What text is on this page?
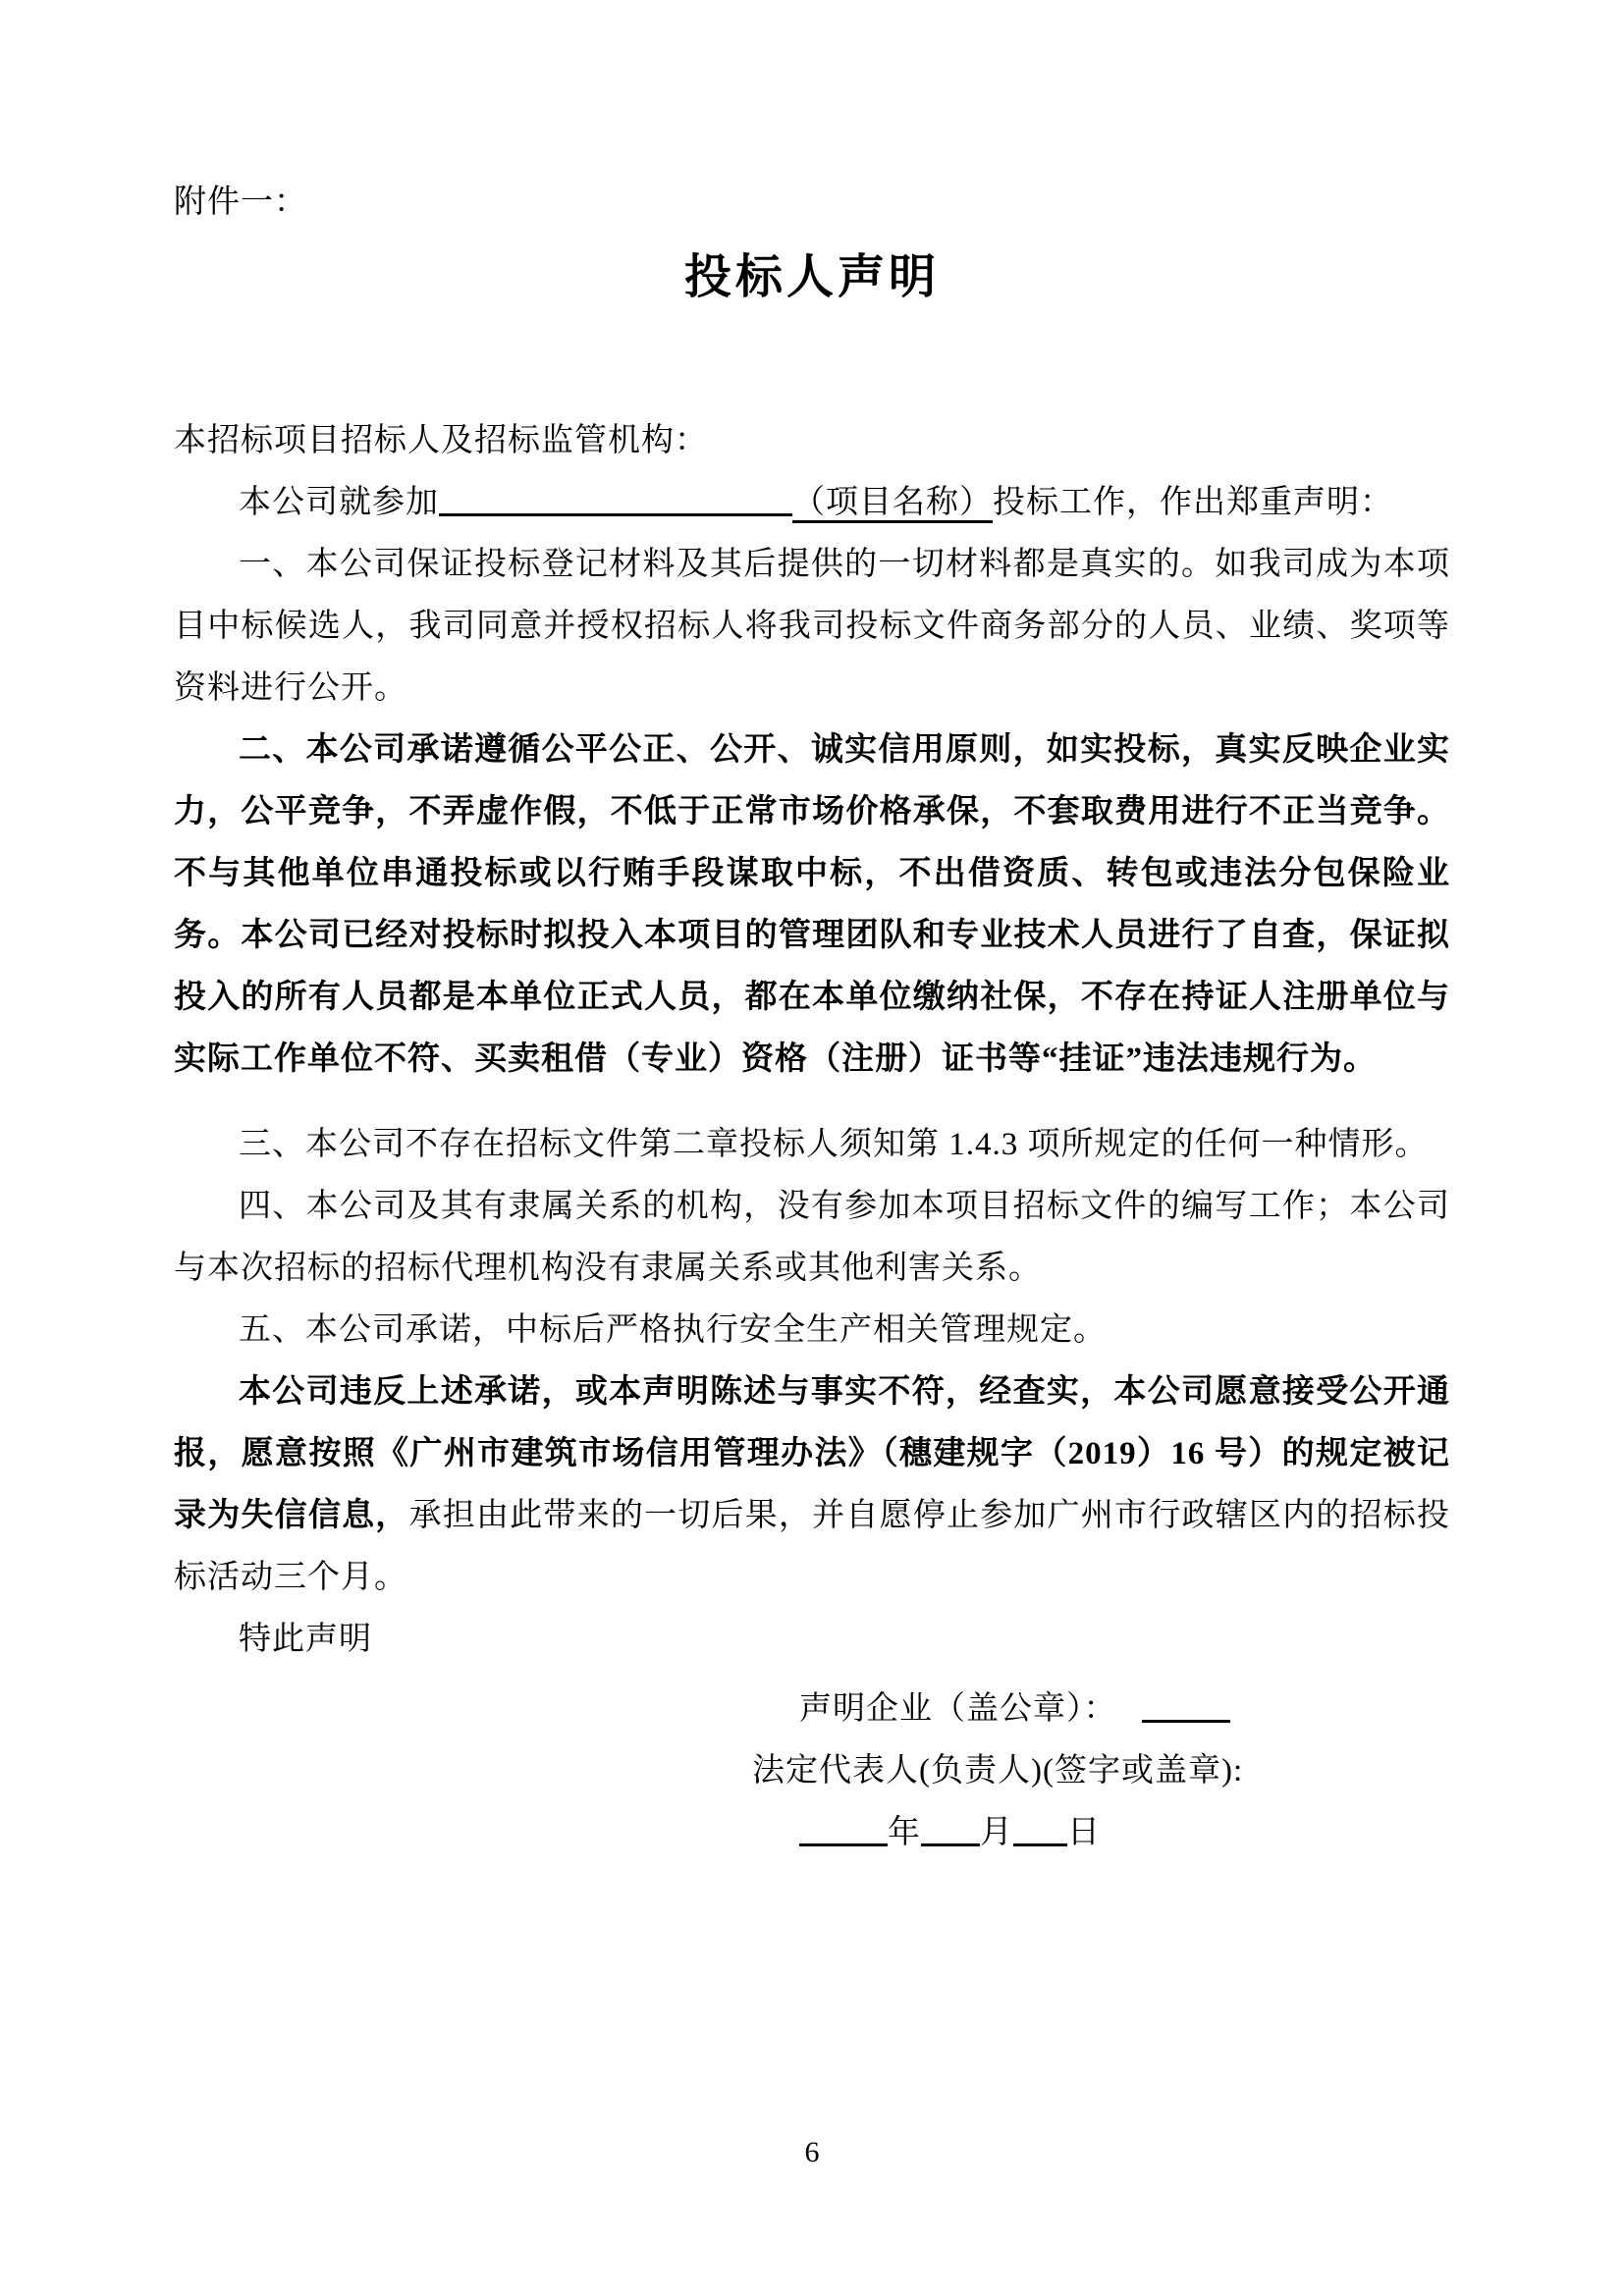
附件一：
投标人声明

本招标项目招标人及招标监管机构：

本公司就参加	（项目名称）投标工作，作出郑重声明：

一、本公司保证投标登记材料及其后提供的一切材料都是真实的。如我司成为本项目中标候选人，我司同意并授权招标人将我司投标文件商务部分的人员、业绩、奖项等资料进行公开。

二、本公司承诺遵循公平公正、公开、诚实信用原则，如实投标，真实反映企业实力，公平竞争，不弄虚作假，不低于正常市场价格承保，不套取费用进行不正当竞争。不与其他单位串通投标或以行贿手段谋取中标，不出借资质、转包或违法分包保险业务。本公司已经对投标时拟投入本项目的管理团队和专业技术人员进行了自查，保证拟投入的所有人员都是本单位正式人员，都在本单位缴纳社保，不存在持证人注册单位与实际工作单位不符、买卖租借（专业）资格（注册）证书等“挂证”违法违规行为。

三、本公司不存在招标文件第二章投标人须知第 1.4.3 项所规定的任何一种情形。

四、本公司及其有隶属关系的机构，没有参加本项目招标文件的编写工作；本公司与本次招标的招标代理机构没有隶属关系或其他利害关系。

五、本公司承诺，中标后严格执行安全生产相关管理规定。

本公司违反上述承诺，或本声明陈述与事实不符，经查实，本公司愿意接受公开通报，愿意按照《广州市建筑市场信用管理办法》（穗建规字（2019）16 号）的规定被记录为失信信息，承担由此带来的一切后果，并自愿停止参加广州市行政辖区内的招标投标活动三个月。

特此声明

声明企业（盖公章）：
法定代表人(负责人)(签字或盖章):
年 月 日
6
